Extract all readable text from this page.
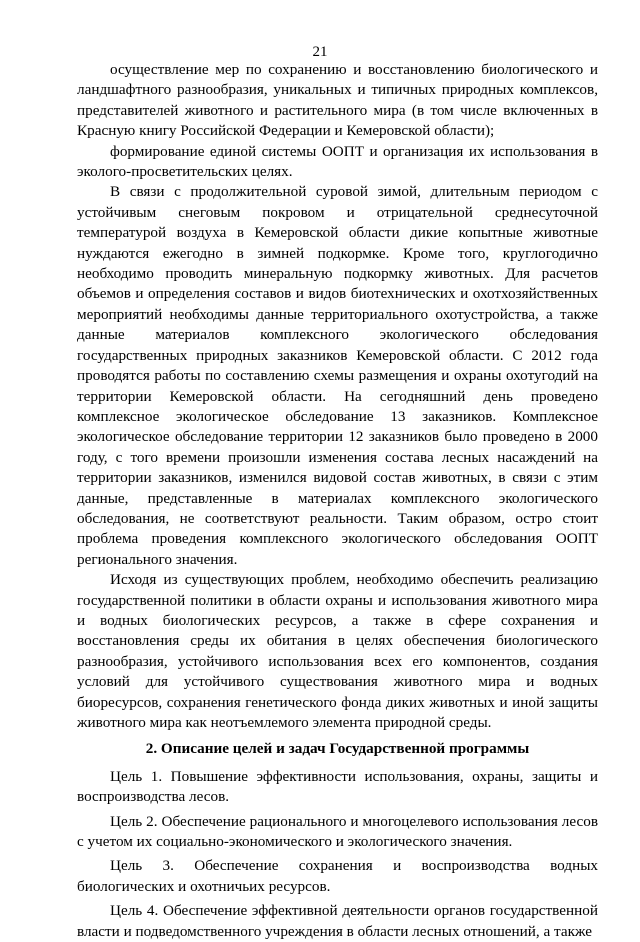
21

осуществление мер по сохранению и восстановлению биологического и ландшафтного разнообразия, уникальных и типичных природных комплексов, представителей животного и растительного мира (в том числе включенных в Красную книгу Российской Федерации и Кемеровской области);

формирование единой системы ООПТ и организация их использования в эколого-просветительских целях.

В связи с продолжительной суровой зимой, длительным периодом с устойчивым снеговым покровом и отрицательной среднесуточной температурой воздуха в Кемеровской области дикие копытные животные нуждаются ежегодно в зимней подкормке. Кроме того, круглогодично необходимо проводить минеральную подкормку животных. Для расчетов объемов и определения составов и видов биотехнических и охотхозяйственных мероприятий необходимы данные территориального охотустройства, а также данные материалов комплексного экологического обследования государственных природных заказников Кемеровской области. С 2012 года проводятся работы по составлению схемы размещения и охраны охотугодий на территории Кемеровской области. На сегодняшний день проведено комплексное экологическое обследование 13 заказников. Комплексное экологическое обследование территории 12 заказников было проведено в 2000 году, с того времени произошли изменения состава лесных насаждений на территории заказников, изменился видовой состав животных, в связи с этим данные, представленные в материалах комплексного экологического обследования, не соответствуют реальности. Таким образом, остро стоит проблема проведения комплексного экологического обследования ООПТ регионального значения.

Исходя из существующих проблем, необходимо обеспечить реализацию государственной политики в области охраны и использования животного мира и водных биологических ресурсов, а также в сфере сохранения и восстановления среды их обитания в целях обеспечения биологического разнообразия, устойчивого использования всех его компонентов, создания условий для устойчивого существования животного мира и водных биоресурсов, сохранения генетического фонда диких животных и иной защиты животного мира как неотъемлемого элемента природной среды.

2. Описание целей и задач Государственной программы

Цель 1. Повышение эффективности использования, охраны, защиты и воспроизводства лесов.

Цель 2. Обеспечение рационального и многоцелевого использования лесов с учетом их социально-экономического и экологического значения.

Цель 3. Обеспечение сохранения и воспроизводства водных биологических и охотничьих ресурсов.

Цель 4. Обеспечение эффективной деятельности органов государственной власти и подведомственного учреждения в области лесных отношений, а также
